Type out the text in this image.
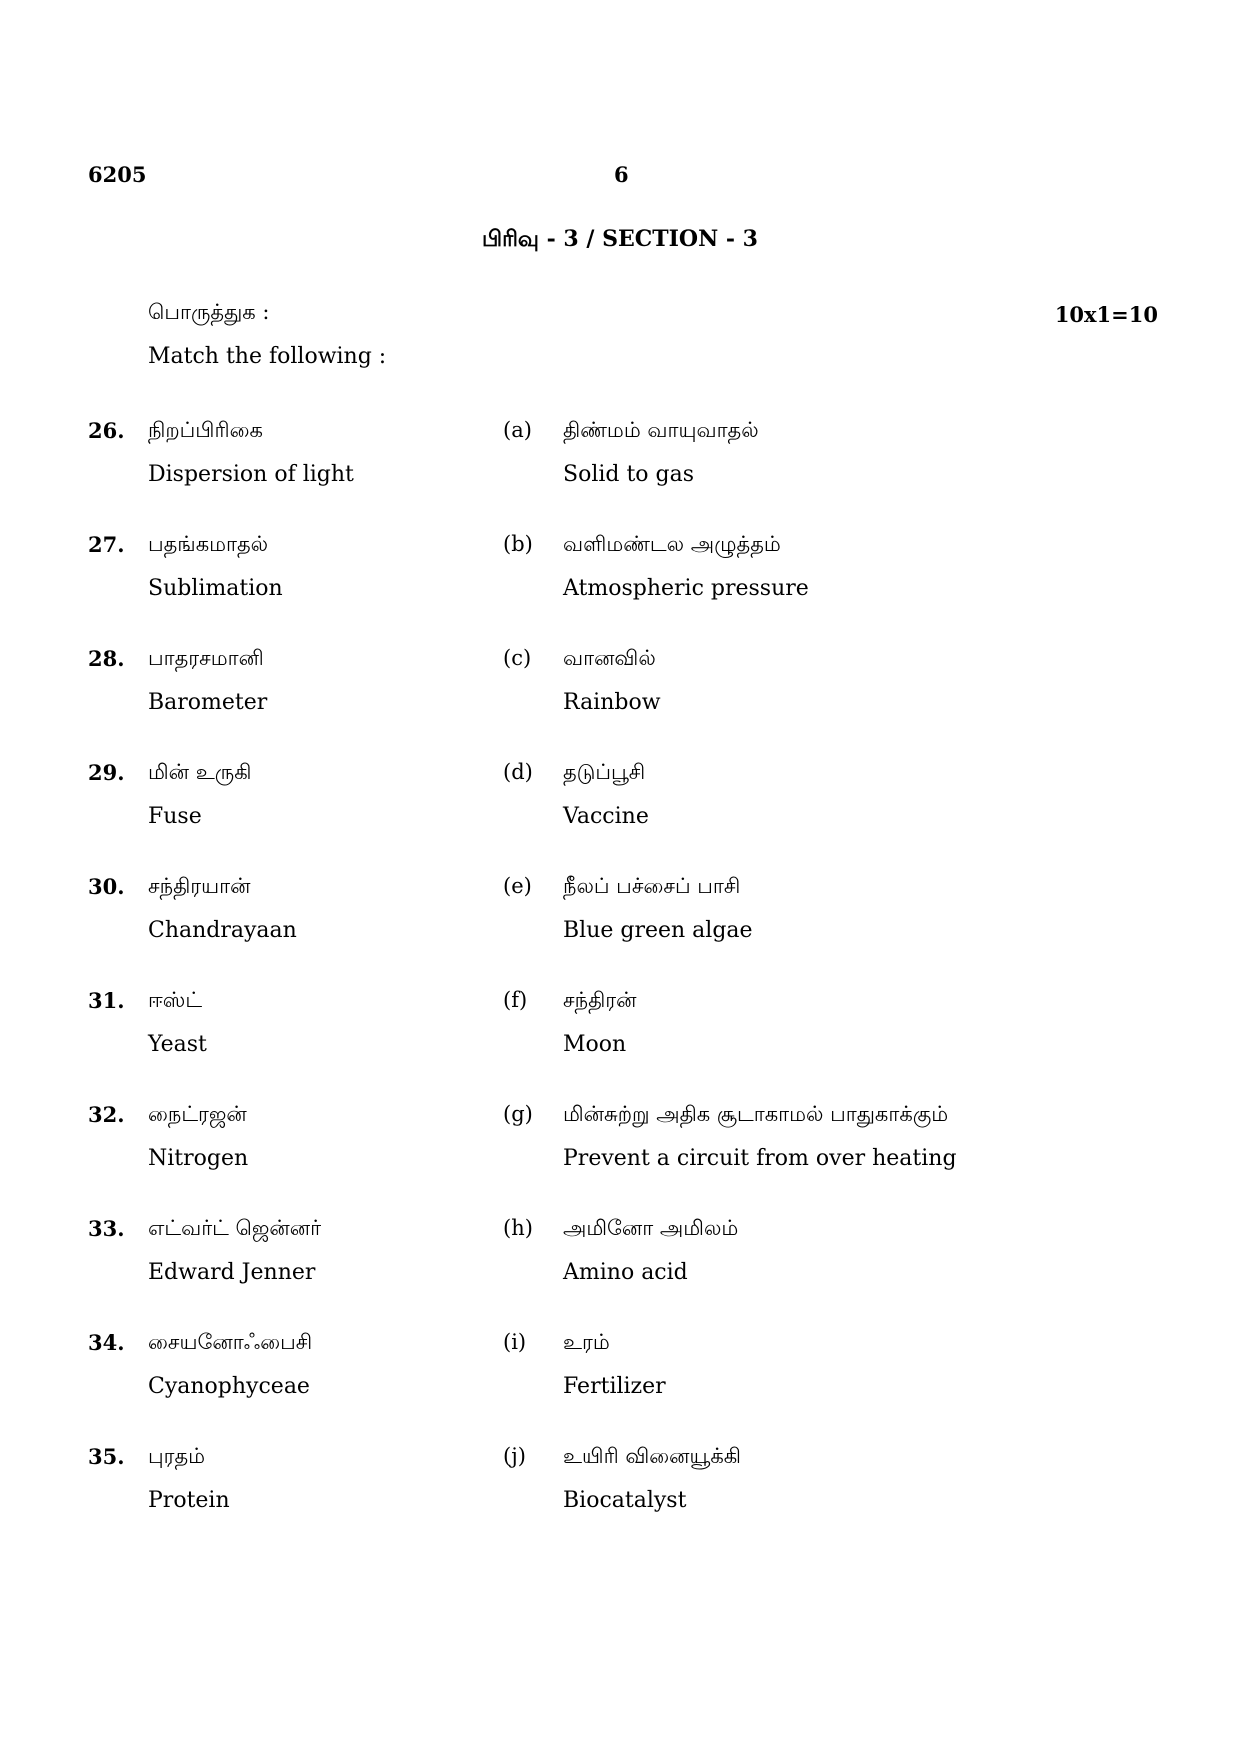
6205	6
பிரிவு - 3 / SECTION - 3
பொருத்துக :
Match the following :
10x1=10
26. நிறப்பிரிகை
Dispersion of light
(a) திண்மம் வாயுவாதல்
Solid to gas
27. பதங்கமாதல்
Sublimation
(b) வளிமண்டல அழுத்தம்
Atmospheric pressure
28. பாதரசமானி
Barometer
(c) வானவில்
Rainbow
29. மின் உருகி
Fuse
(d) தடுப்பூசி
Vaccine
30. சந்திரயான்
Chandrayaan
(e) நீலப் பச்சைப் பாசி
Blue green algae
31. ஈஸ்ட்
Yeast
(f) சந்திரன்
Moon
32. நைட்ரஜன்
Nitrogen
(g) மின்சுற்று அதிக சூடாகாமல் பாதுகாக்கும்
Prevent a circuit from over heating
33. எட்வர்ட் ஜென்னர்
Edward Jenner
(h) அமினோ அமிலம்
Amino acid
34. சையனோஃபைசி
Cyanophyceae
(i) உரம்
Fertilizer
35. புரதம்
Protein
(j) உயிரி வினையூக்கி
Biocatalyst
